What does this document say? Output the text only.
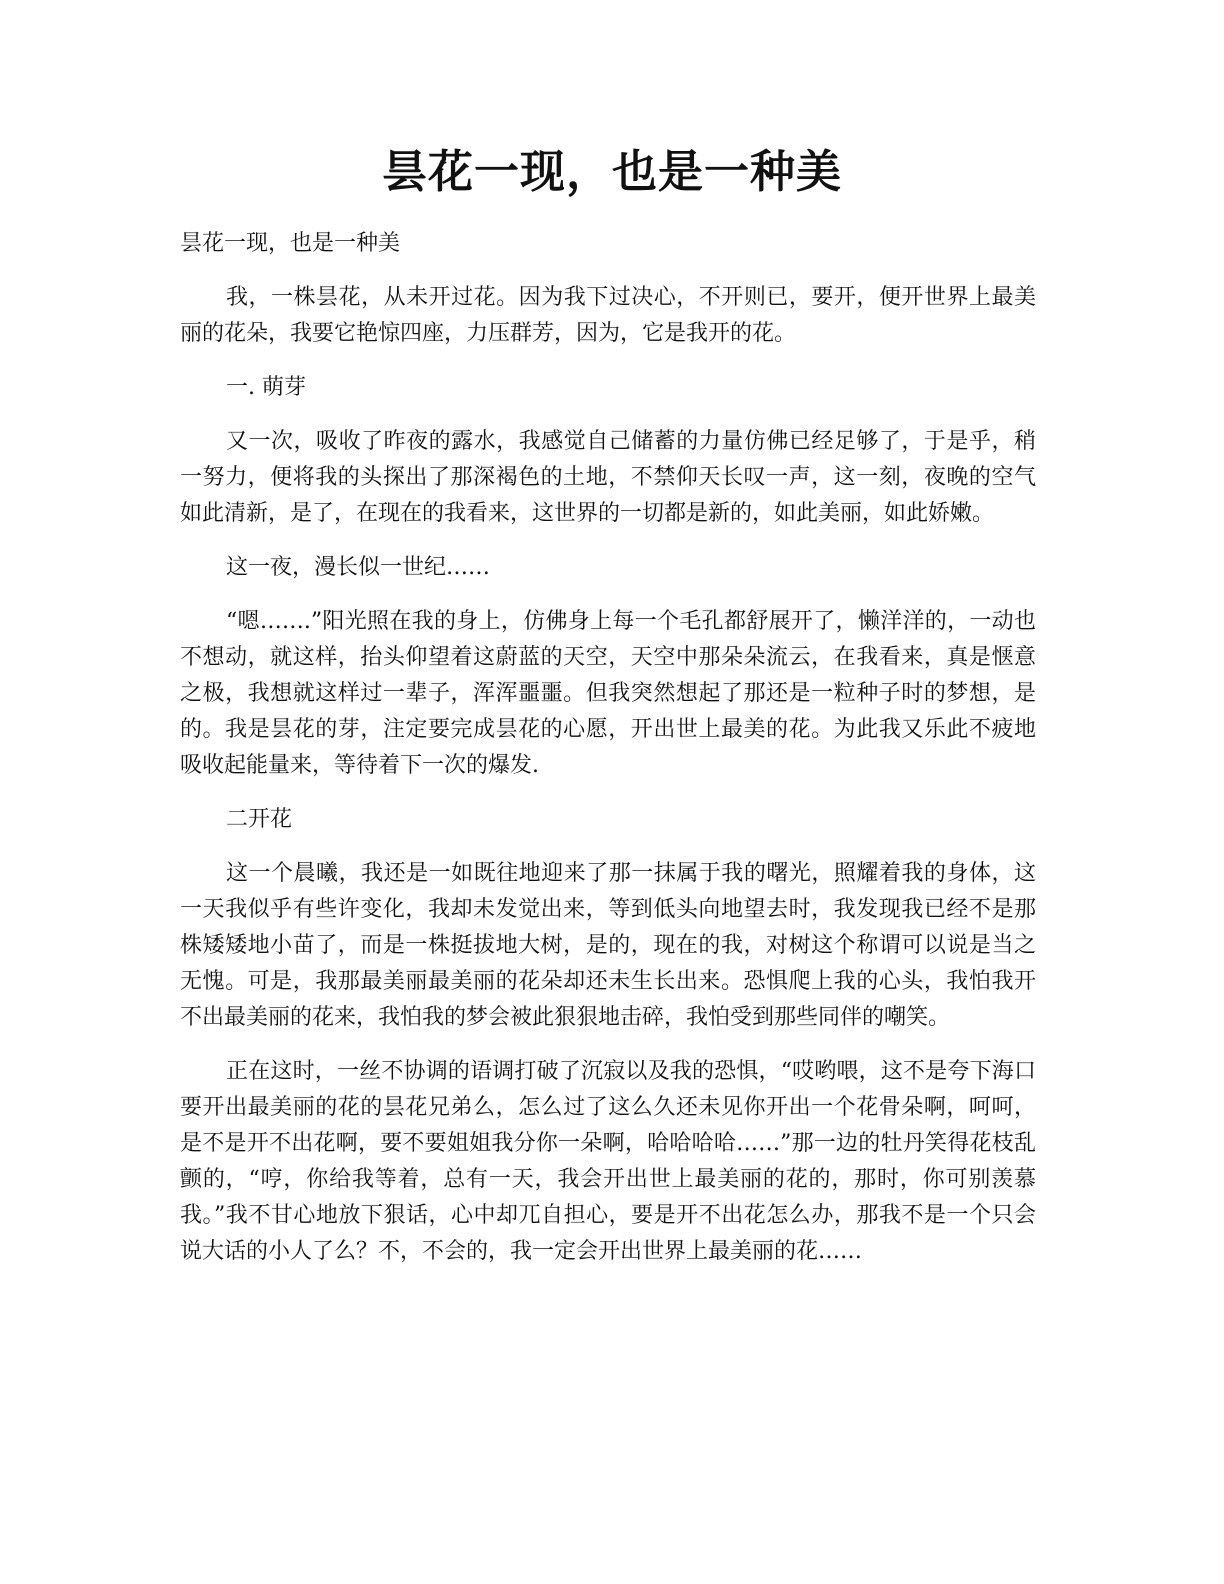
昙花一现，也是一种美

昙花一现，也是一种美

我，一株昙花，从未开过花。因为我下过决心，不开则已，要开，便开世界上最美丽的花朵，我要它艳惊四座，力压群芳，因为，它是我开的花。

一. 萌芽

又一次，吸收了昨夜的露水，我感觉自己储蓄的力量仿佛已经足够了，于是乎，稍一努力，便将我的头探出了那深褐色的土地，不禁仰天长叹一声，这一刻，夜晚的空气如此清新，是了，在现在的我看来，这世界的一切都是新的，如此美丽，如此娇嫩。

这一夜，漫长似一世纪……

“嗯…….”阳光照在我的身上，仿佛身上每一个毛孔都舒展开了，懒洋洋的，一动也不想动，就这样，抬头仰望着这蔚蓝的天空，天空中那朵朵流云，在我看来，真是惬意之极，我想就这样过一辈子，浑浑噩噩。但我突然想起了那还是一粒种子时的梦想，是的。我是昙花的芽，注定要完成昙花的心愿，开出世上最美的花。为此我又乐此不疲地吸收起能量来，等待着下一次的爆发.

二开花

这一个晨曦，我还是一如既往地迎来了那一抹属于我的曙光，照耀着我的身体，这一天我似乎有些许变化，我却未发觉出来，等到低头向地望去时，我发现我已经不是那株矮矮地小苗了，而是一株挺拔地大树，是的，现在的我，对树这个称谓可以说是当之无愧。可是，我那最美丽最美丽的花朵却还未生长出来。恐惧爬上我的心头，我怕我开不出最美丽的花来，我怕我的梦会被此狠狠地击碎，我怕受到那些同伴的嘲笑。

正在这时，一丝不协调的语调打破了沉寂以及我的恐惧，“哎哟喂，这不是夸下海口要开出最美丽的花的昙花兄弟么，怎么过了这么久还未见你开出一个花骨朵啊，呵呵，是不是开不出花啊，要不要姐姐我分你一朵啊，哈哈哈哈……”那一边的牡丹笑得花枝乱颤的，“哼，你给我等着，总有一天，我会开出世上最美丽的花的，那时，你可别羡慕我。”我不甘心地放下狠话，心中却兀自担心，要是开不出花怎么办，那我不是一个只会说大话的小人了么？不，不会的，我一定会开出世界上最美丽的花……
